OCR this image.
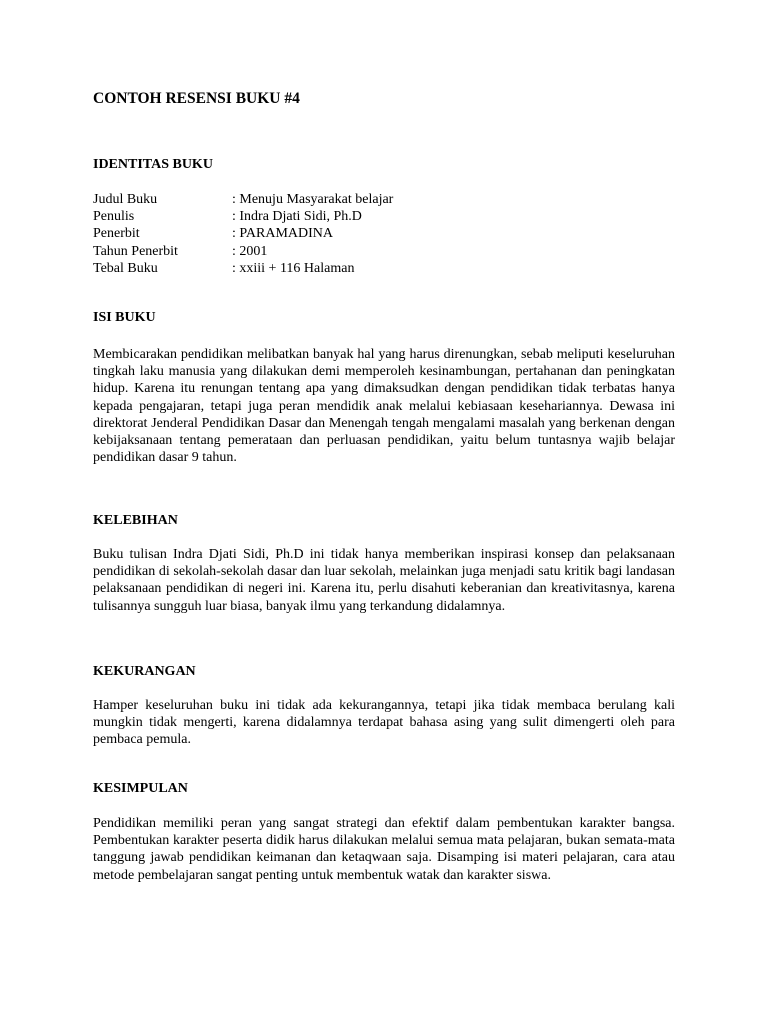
CONTOH RESENSI BUKU #4
IDENTITAS BUKU
Judul Buku	: Menuju Masyarakat belajar
Penulis	: Indra Djati Sidi, Ph.D
Penerbit	: PARAMADINA
Tahun Penerbit	: 2001
Tebal Buku	: xxiii + 116 Halaman
ISI BUKU

Membicarakan pendidikan melibatkan banyak hal yang harus direnungkan, sebab meliputi keseluruhan tingkah laku manusia yang dilakukan demi memperoleh kesinambungan, pertahanan dan peningkatan hidup. Karena itu renungan tentang apa yang dimaksudkan dengan pendidikan tidak terbatas hanya kepada pengajaran, tetapi juga peran mendidik anak melalui kebiasaan kesehariannya. Dewasa ini direktorat Jenderal Pendidikan Dasar dan Menengah tengah mengalami masalah yang berkenan dengan kebijaksanaan tentang pemerataan dan perluasan pendidikan, yaitu belum tuntasnya wajib belajar pendidikan dasar 9 tahun.

KELEBIHAN

Buku tulisan Indra Djati Sidi, Ph.D ini tidak hanya memberikan inspirasi konsep dan pelaksanaan pendidikan di sekolah-sekolah dasar dan luar sekolah, melainkan juga menjadi satu kritik bagi landasan pelaksanaan pendidikan di negeri ini. Karena itu, perlu disahuti keberanian dan kreativitasnya, karena tulisannya sungguh luar biasa, banyak ilmu yang terkandung didalamnya.

KEKURANGAN

Hamper keseluruhan buku ini tidak ada kekurangannya, tetapi jika tidak membaca berulang kali mungkin tidak mengerti, karena didalamnya terdapat bahasa asing yang sulit dimengerti oleh para pembaca pemula.

KESIMPULAN

Pendidikan memiliki peran yang sangat strategi dan efektif dalam pembentukan karakter bangsa. Pembentukan karakter peserta didik harus dilakukan melalui semua mata pelajaran, bukan semata-mata tanggung jawab pendidikan keimanan dan ketaqwaan saja. Disamping isi materi pelajaran, cara atau metode pembelajaran sangat penting untuk membentuk watak dan karakter siswa.
